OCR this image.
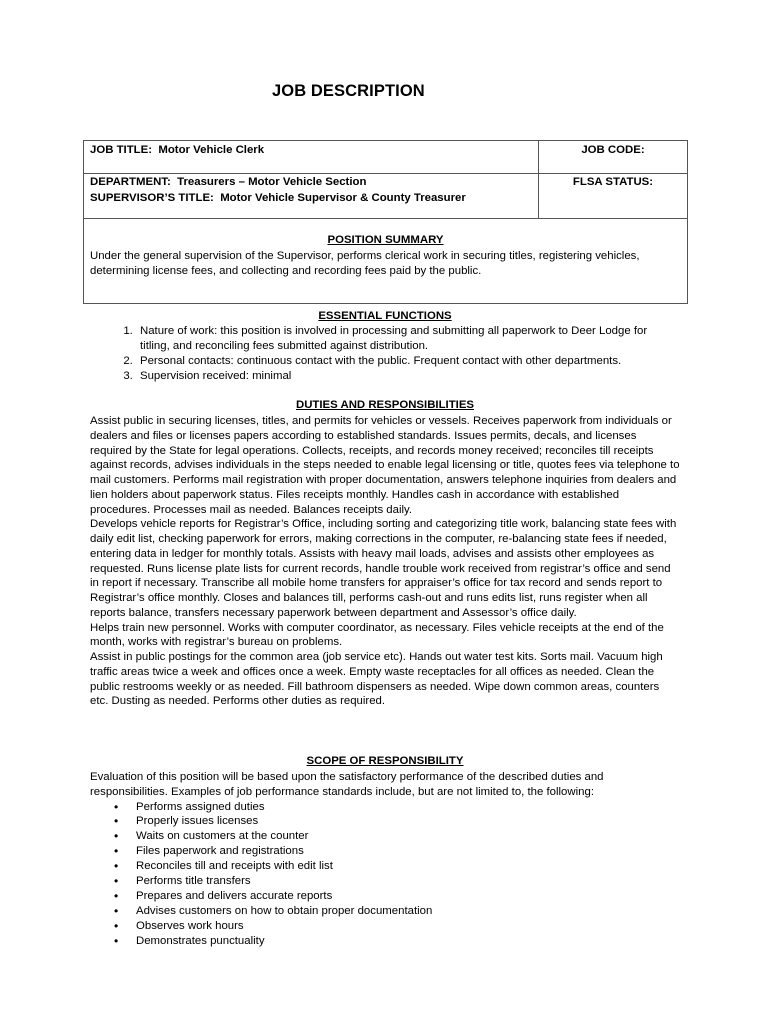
JOB DESCRIPTION
JOB TITLE: Motor Vehicle Clerk	JOB CODE:

DEPARTMENT: Treasurers – Motor Vehicle Section
SUPERVISOR’S TITLE: Motor Vehicle Supervisor & County Treasurer	FLSA STATUS:

POSITION SUMMARY
Under the general supervision of the Supervisor, performs clerical work in securing titles, registering vehicles, determining license fees, and collecting and recording fees paid by the public.	
ESSENTIAL FUNCTIONS
1. Nature of work: this position is involved in processing and submitting all paperwork to Deer Lodge for titling, and reconciling fees submitted against distribution.
2. Personal contacts: continuous contact with the public. Frequent contact with other departments.
3. Supervision received: minimal
DUTIES AND RESPONSIBILITIES

Assist public in securing licenses, titles, and permits for vehicles or vessels. Receives paperwork from individuals or dealers and files or licenses papers according to established standards. Issues permits, decals, and licenses required by the State for legal operations. Collects, receipts, and records money received; reconciles till receipts against records, advises individuals in the steps needed to enable legal licensing or title, quotes fees via telephone to mail customers. Performs mail registration with proper documentation, answers telephone inquiries from dealers and lien holders about paperwork status. Files receipts monthly. Handles cash in accordance with established procedures. Processes mail as needed. Balances receipts daily.

Develops vehicle reports for Registrar’s Office, including sorting and categorizing title work, balancing state fees with daily edit list, checking paperwork for errors, making corrections in the computer, re-balancing state fees if needed, entering data in ledger for monthly totals. Assists with heavy mail loads, advises and assists other employees as requested. Runs license plate lists for current records, handle trouble work received from registrar’s office and send in report if necessary. Transcribe all mobile home transfers for appraiser’s office for tax record and sends report to Registrar’s office monthly. Closes and balances till, performs cash-out and runs edits list, runs register when all reports balance, transfers necessary paperwork between department and Assessor’s office daily.

Helps train new personnel. Works with computer coordinator, as necessary. Files vehicle receipts at the end of the month, works with registrar’s bureau on problems.

Assist in public postings for the common area (job service etc). Hands out water test kits. Sorts mail. Vacuum high traffic areas twice a week and offices once a week. Empty waste receptacles for all offices as needed. Clean the public restrooms weekly or as needed. Fill bathroom dispensers as needed. Wipe down common areas, counters etc. Dusting as needed. Performs other duties as required.

SCOPE OF RESPONSIBILITY
Evaluation of this position will be based upon the satisfactory performance of the described duties and responsibilities. Examples of job performance standards include, but are not limited to, the following:
• Performs assigned duties
• Properly issues licenses
• Waits on customers at the counter
• Files paperwork and registrations
• Reconciles till and receipts with edit list
• Performs title transfers
• Prepares and delivers accurate reports
• Advises customers on how to obtain proper documentation
• Observes work hours
• Demonstrates punctuality
